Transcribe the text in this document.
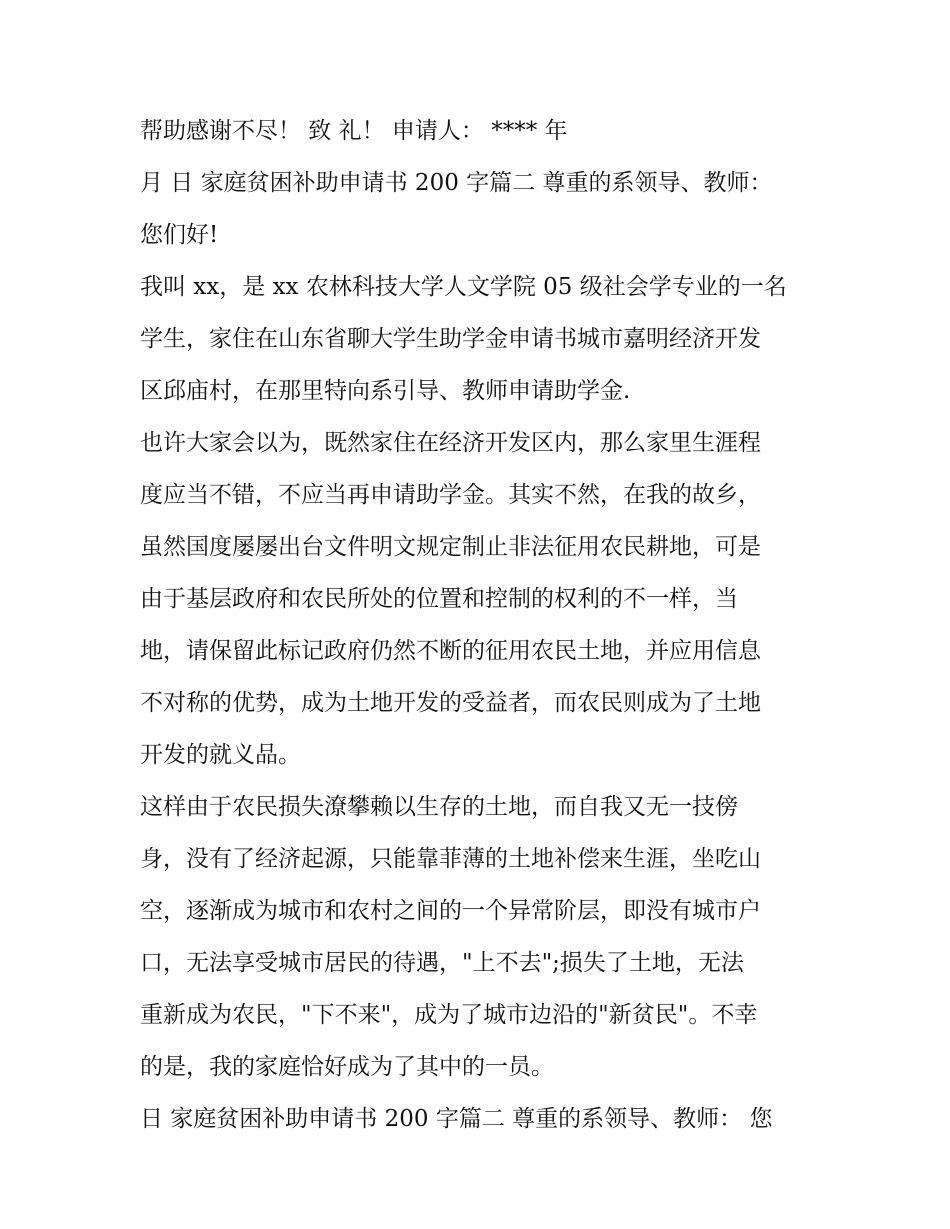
帮助感谢不尽！ 致 礼！ 申请人： **** 年
月 日 家庭贫困补助申请书 200 字篇二 尊重的系领导、教师：
您们好!
我叫 xx，是 xx 农林科技大学人文学院 05 级社会学专业的一名
学生，家住在山东省聊大学生助学金申请书城市嘉明经济开发
区邱庙村，在那里特向系引导、教师申请助学金.
也许大家会以为，既然家住在经济开发区内，那么家里生涯程
度应当不错，不应当再申请助学金。其实不然，在我的故乡，
虽然国度屡屡出台文件明文规定制止非法征用农民耕地，可是
由于基层政府和农民所处的位置和控制的权利的不一样，当
地，请保留此标记政府仍然不断的征用农民土地，并应用信息
不对称的优势，成为土地开发的受益者，而农民则成为了土地
开发的就义品。
这样由于农民损失潦攀赖以生存的土地，而自我又无一技傍
身，没有了经济起源，只能靠菲薄的土地补偿来生涯，坐吃山
空，逐渐成为城市和农村之间的一个异常阶层，即没有城市户
口，无法享受城市居民的待遇，"上不去";损失了土地，无法
重新成为农民，"下不来"，成为了城市边沿的"新贫民"。不幸
的是，我的家庭恰好成为了其中的一员。
日 家庭贫困补助申请书 200 字篇二 尊重的系领导、教师： 您
